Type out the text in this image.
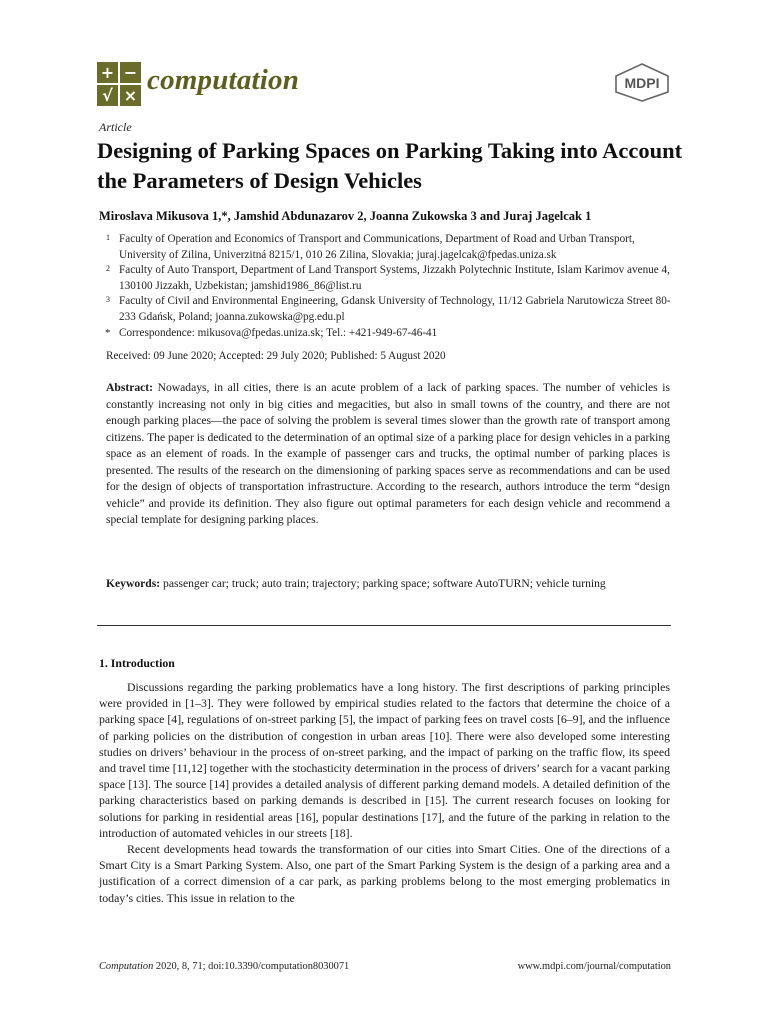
+ −
√ × computation	MDPI
Article
Designing of Parking Spaces on Parking Taking into Account the Parameters of Design Vehicles
Miroslava Mikusova 1,*, Jamshid Abdunazarov 2, Joanna Zukowska 3 and Juraj Jagelcak 1
1 Faculty of Operation and Economics of Transport and Communications, Department of Road and Urban Transport, University of Zilina, Univerzitná 8215/1, 010 26 Zilina, Slovakia; juraj.jagelcak@fpedas.uniza.sk
2 Faculty of Auto Transport, Department of Land Transport Systems, Jizzakh Polytechnic Institute, Islam Karimov avenue 4, 130100 Jizzakh, Uzbekistan; jamshid1986_86@list.ru
3 Faculty of Civil and Environmental Engineering, Gdansk University of Technology, 11/12 Gabriela Narutowicza Street 80-233 Gdańsk, Poland; joanna.zukowska@pg.edu.pl
* Correspondence: mikusova@fpedas.uniza.sk; Tel.: +421-949-67-46-41
Received: 09 June 2020; Accepted: 29 July 2020; Published: 5 August 2020

Abstract: Nowadays, in all cities, there is an acute problem of a lack of parking spaces. The number of vehicles is constantly increasing not only in big cities and megacities, but also in small towns of the country, and there are not enough parking places—the pace of solving the problem is several times slower than the growth rate of transport among citizens. The paper is dedicated to the determination of an optimal size of a parking place for design vehicles in a parking space as an element of roads. In the example of passenger cars and trucks, the optimal number of parking places is presented. The results of the research on the dimensioning of parking spaces serve as recommendations and can be used for the design of objects of transportation infrastructure. According to the research, authors introduce the term “design vehicle” and provide its definition. They also figure out optimal parameters for each design vehicle and recommend a special template for designing parking places.

Keywords: passenger car; truck; auto train; trajectory; parking space; software AutoTURN; vehicle turning

1. Introduction

Discussions regarding the parking problematics have a long history. The first descriptions of parking principles were provided in [1–3]. They were followed by empirical studies related to the factors that determine the choice of a parking space [4], regulations of on-street parking [5], the impact of parking fees on travel costs [6–9], and the influence of parking policies on the distribution of congestion in urban areas [10]. There were also developed some interesting studies on drivers’ behaviour in the process of on-street parking, and the impact of parking on the traffic flow, its speed and travel time [11,12] together with the stochasticity determination in the process of drivers’ search for a vacant parking space [13]. The source [14] provides a detailed analysis of different parking demand models. A detailed definition of the parking characteristics based on parking demands is described in [15]. The current research focuses on looking for solutions for parking in residential areas [16], popular destinations [17], and the future of the parking in relation to the introduction of automated vehicles in our streets [18].

Recent developments head towards the transformation of our cities into Smart Cities. One of the directions of a Smart City is a Smart Parking System. Also, one part of the Smart Parking System is the design of a parking area and a justification of a correct dimension of a car park, as parking problems belong to the most emerging problematics in today’s cities. This issue in relation to the

Computation 2020, 8, 71; doi:10.3390/computation8030071	www.mdpi.com/journal/computation
